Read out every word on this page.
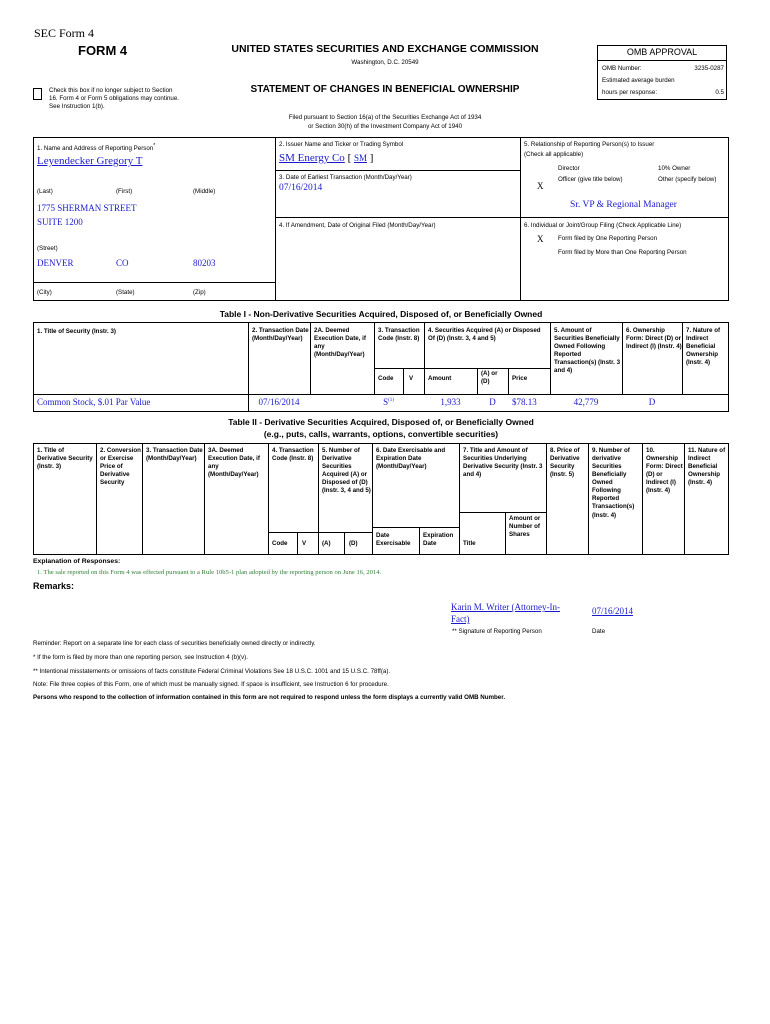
SEC Form 4
FORM 4	UNITED STATES SECURITIES AND EXCHANGE COMMISSION
Washington, D.C. 20549
STATEMENT OF CHANGES IN BENEFICIAL OWNERSHIP
Check this box if no longer subject to Section 16. Form 4 or Form 5 obligations may continue. See Instruction 1(b).
Filed pursuant to Section 16(a) of the Securities Exchange Act of 1934
or Section 30(h) of the Investment Company Act of 1940
OMB APPROVAL
OMB Number:	3235-0287
Estimated average burden
hours per response:	0.5
1. Name and Address of Reporting Person*
Leyendecker Gregory T
(Last)	(First)	(Middle)
1775 SHERMAN STREET
SUITE 1200
(Street)
DENVER	CO	80203
(City)	(State)	(Zip)
2. Issuer Name and Ticker or Trading Symbol
SM Energy Co [ SM ]
3. Date of Earliest Transaction (Month/Day/Year)
07/16/2014
4. If Amendment, Date of Original Filed (Month/Day/Year)
5. Relationship of Reporting Person(s) to Issuer
(Check all applicable)
Director	10% Owner
X
Officer (give title below)	Other (specify below)
Sr. VP & Regional Manager
6. Individual or Joint/Group Filing (Check Applicable Line)
X Form filed by One Reporting Person
Form filed by More than One Reporting Person
Table I - Non-Derivative Securities Acquired, Disposed of, or Beneficially Owned
1. Title of Security (Instr. 3)	2. Transaction Date (Month/Day/Year)
2A. Deemed Execution Date, if any (Month/Day/Year)
3. Transaction Code (Instr. 8)
4. Securities Acquired (A) or Disposed Of (D) (Instr. 3, 4 and 5)
5. Amount of Securities Beneficially Owned Following Reported Transaction(s) (Instr. 3 and 4)
6. Ownership Form: Direct (D) or Indirect (I) (Instr. 4)
7. Nature of Indirect Beneficial Ownership (Instr. 4)
Code	V Amount
(A) or (D)	Price
Common Stock, $.01 Par Value	07/16/2014	$S^{(1)}$	1,933	D	$78.13	42,779	D
Table II - Derivative Securities Acquired, Disposed of, or Beneficially Owned
(e.g., puts, calls, warrants, options, convertible securities)
1. Title of Derivative Security (Instr. 3)
2. Conversion or Exercise Price of Derivative Security
3. Transaction Date (Month/Day/Year)
3A. Deemed Execution Date, if any (Month/Day/Year)
4. Transaction Code (Instr. 8)
5. Number of Derivative Securities Acquired (A) or Disposed of (D) (Instr. 3, 4 and 5)
6. Date Exercisable and Expiration Date (Month/Day/Year)
7. Title and Amount of Securities Underlying Derivative Security (Instr. 3 and 4)
8. Price of Derivative Security (Instr. 5)
9. Number of derivative Securities Beneficially Owned Following Reported Transaction(s) (Instr. 4)
10. Ownership Form: Direct (D) or Indirect (I) (Instr. 4)
11. Nature of Indirect Beneficial Ownership (Instr. 4)
Code V	(A)	(D)
Date Exercisable
Expiration Date	Title
Amount or Number of Shares
Explanation of Responses:
1. The sale reported on this Form 4 was effected pursuant to a Rule 10b5-1 plan adopted by the reporting person on June 16, 2014.
Remarks:
Karin M. Writer (Attorney-In-Fact)
07/16/2014
** Signature of Reporting Person	Date
Reminder: Report on a separate line for each class of securities beneficially owned directly or indirectly.
* If the form is filed by more than one reporting person, see Instruction 4 (b)(v).
** Intentional misstatements or omissions of facts constitute Federal Criminal Violations See 18 U.S.C. 1001 and 15 U.S.C. 78ff(a).
Note: File three copies of this Form, one of which must be manually signed. If space is insufficient, see Instruction 6 for procedure.
Persons who respond to the collection of information contained in this form are not required to respond unless the form displays a currently valid OMB Number.
